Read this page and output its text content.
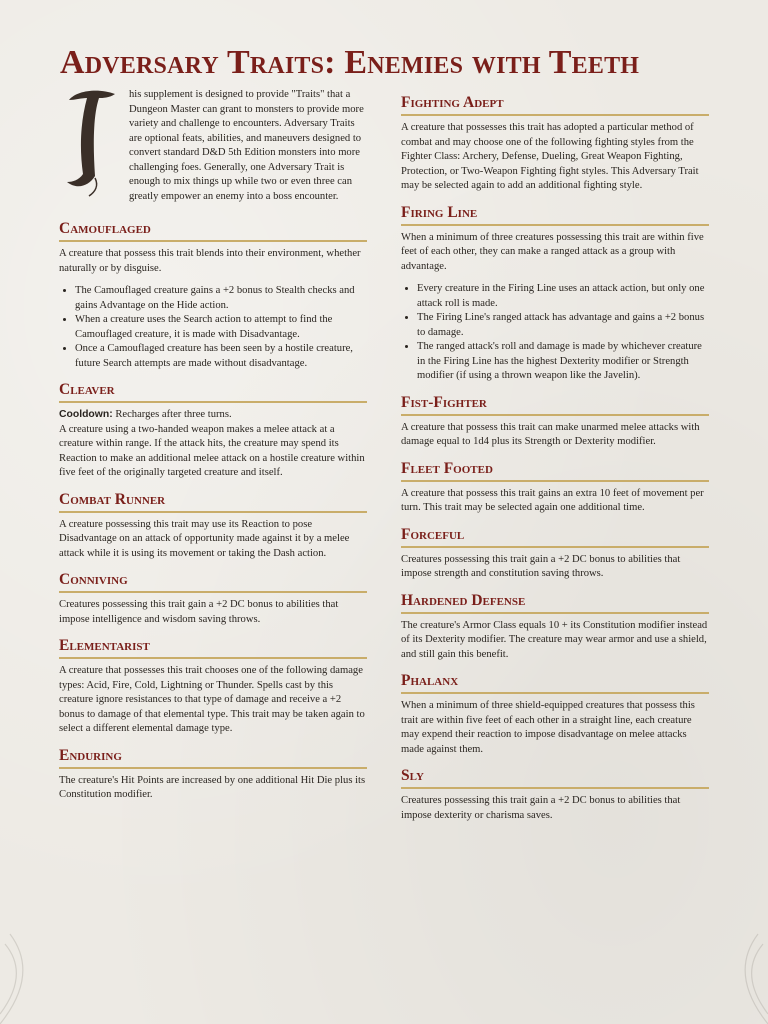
Adversary Traits: Enemies with Teeth

his supplement is designed to provide "Traits" that a Dungeon Master can grant to monsters to provide more variety and challenge to encounters. Adversary Traits are optional feats, abilities, and maneuvers designed to convert standard D&D 5th Edition monsters into more challenging foes. Generally, one Adversary Trait is enough to mix things up while two or even three can greatly empower an enemy into a boss encounter.

Camouflaged

A creature that possess this trait blends into their environment, whether naturally or by disguise.

• The Camouflaged creature gains a +2 bonus to Stealth checks and gains Advantage on the Hide action.
• When a creature uses the Search action to attempt to find the Camouflaged creature, it is made with Disadvantage.
• Once a Camouflaged creature has been seen by a hostile creature, future Search attempts are made without disadvantage.
Cleaver

Cooldown: Recharges after three turns.

A creature using a two-handed weapon makes a melee attack at a creature within range. If the attack hits, the creature may spend its Reaction to make an additional melee attack on a hostile creature within five feet of the originally targeted creature and itself.

Combat Runner

A creature possessing this trait may use its Reaction to pose Disadvantage on an attack of opportunity made against it by a melee attack while it is using its movement or taking the Dash action.

Conniving

Creatures possessing this trait gain a +2 DC bonus to abilities that impose intelligence and wisdom saving throws.

Elementarist

A creature that possesses this trait chooses one of the following damage types: Acid, Fire, Cold, Lightning or Thunder. Spells cast by this creature ignore resistances to that type of damage and receive a +2 bonus to damage of that elemental type. This trait may be taken again to select a different elemental damage type.

Enduring

The creature's Hit Points are increased by one additional Hit Die plus its Constitution modifier.

Fighting Adept

A creature that possesses this trait has adopted a particular method of combat and may choose one of the following fighting styles from the Fighter Class: Archery, Defense, Dueling, Great Weapon Fighting, Protection, or Two-Weapon Fighting fight styles. This Adversary Trait may be selected again to add an additional fighting style.

Firing Line

When a minimum of three creatures possessing this trait are within five feet of each other, they can make a ranged attack as a group with advantage.

• Every creature in the Firing Line uses an attack action, but only one attack roll is made.
• The Firing Line's ranged attack has advantage and gains a +2 bonus to damage.
• The ranged attack's roll and damage is made by whichever creature in the Firing Line has the highest Dexterity modifier or Strength modifier (if using a thrown weapon like the Javelin).
Fist-Fighter

A creature that possess this trait can make unarmed melee attacks with damage equal to 1d4 plus its Strength or Dexterity modifier.

Fleet Footed

A creature that possess this trait gains an extra 10 feet of movement per turn. This trait may be selected again one additional time.

Forceful

Creatures possessing this trait gain a +2 DC bonus to abilities that impose strength and constitution saving throws.

Hardened Defense

The creature's Armor Class equals 10 + its Constitution modifier instead of its Dexterity modifier. The creature may wear armor and use a shield, and still gain this benefit.

Phalanx

When a minimum of three shield-equipped creatures that possess this trait are within five feet of each other in a straight line, each creature may expend their reaction to impose disadvantage on melee attacks made against them.

Sly

Creatures possessing this trait gain a +2 DC bonus to abilities that impose dexterity or charisma saves.
